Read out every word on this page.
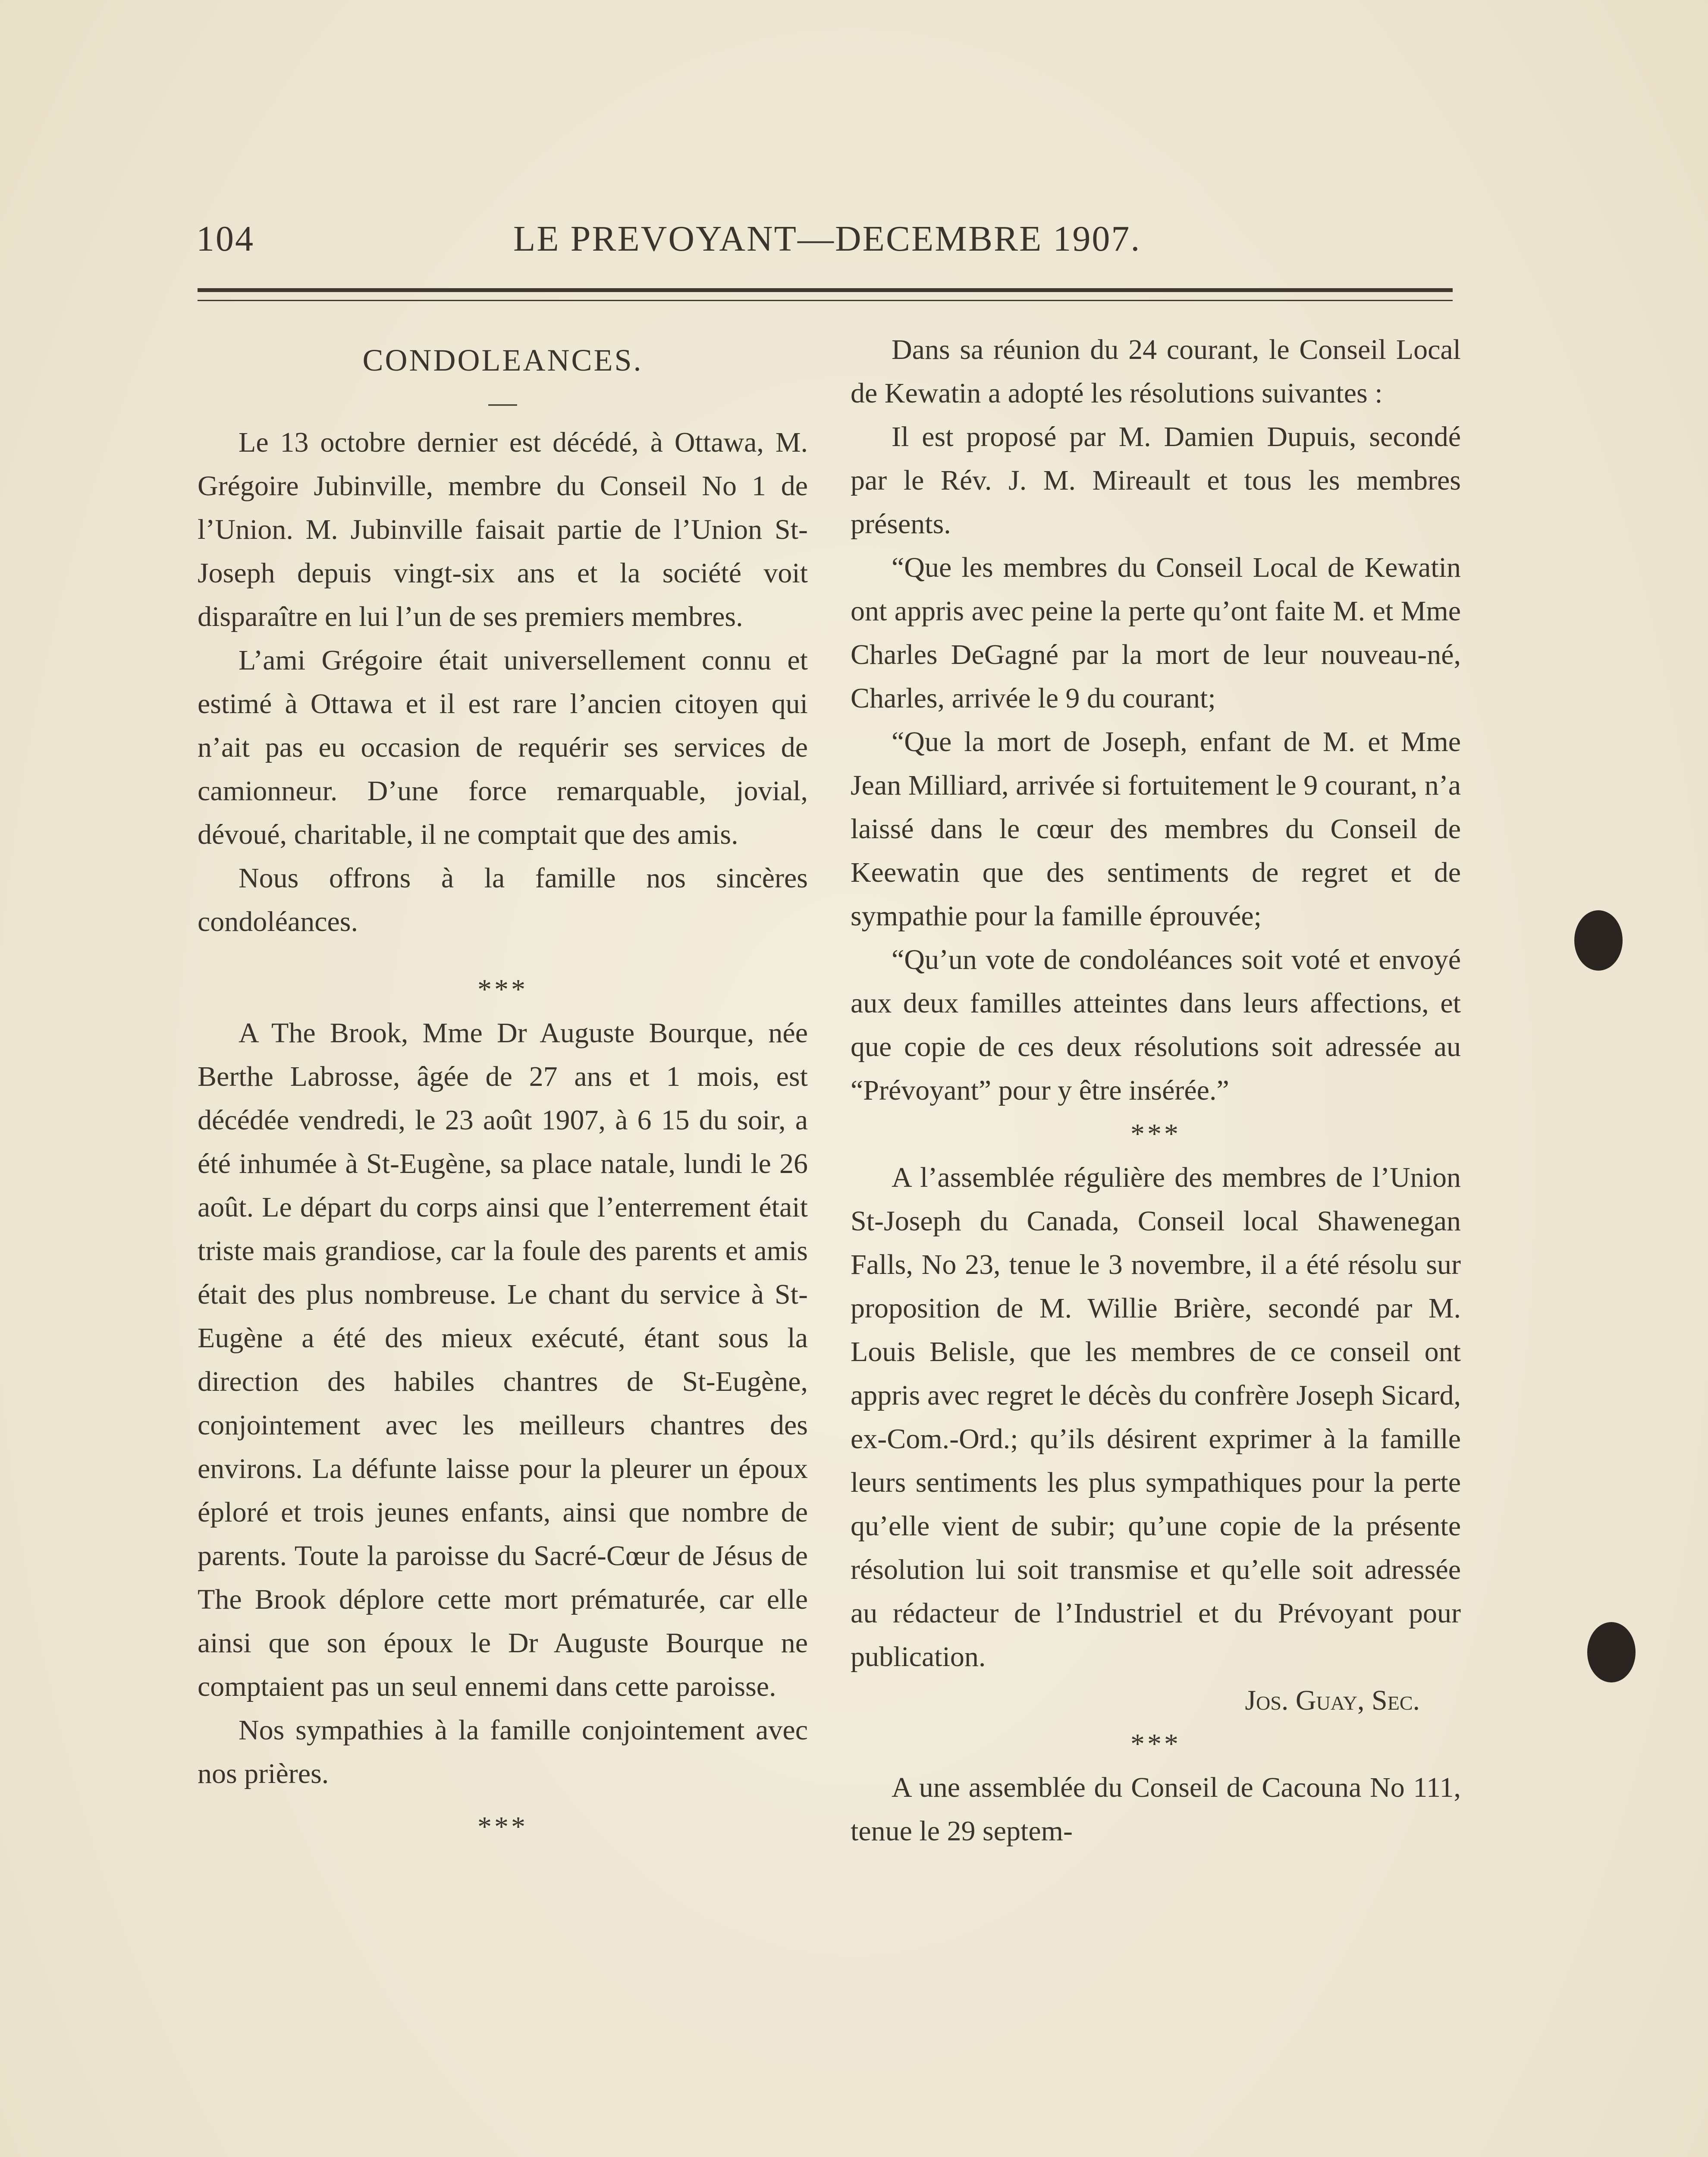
104	LE PREVOYANT—DECEMBRE 1907.
CONDOLEANCES.
—

Le 13 octobre dernier est décédé, à Ottawa, M. Grégoire Jubinville, membre du Conseil No 1 de l’Union. M. Jubinville faisait partie de l’Union St-Joseph depuis vingt-six ans et la société voit disparaître en lui l’un de ses premiers membres.

L’ami Grégoire était universellement connu et estimé à Ottawa et il est rare l’ancien citoyen qui n’ait pas eu occasion de requérir ses services de camionneur. D’une force remarquable, jovial, dévoué, charitable, il ne comptait que des amis.

Nous offrons à la famille nos sincères condoléances.

***

A The Brook, Mme Dr Auguste Bourque, née Berthe Labrosse, âgée de 27 ans et 1 mois, est décédée vendredi, le 23 août 1907, à 6 15 du soir, a été inhumée à St-Eugène, sa place natale, lundi le 26 août. Le départ du corps ainsi que l’enterrement était triste mais grandiose, car la foule des parents et amis était des plus nombreuse. Le chant du service à St-Eugène a été des mieux exécuté, étant sous la direction des habiles chantres de St-Eugène, conjointement avec les meilleurs chantres des environs. La défunte laisse pour la pleurer un époux éploré et trois jeunes enfants, ainsi que nombre de parents. Toute la paroisse du Sacré-Cœur de Jésus de The Brook déplore cette mort prématurée, car elle ainsi que son époux le Dr Auguste Bourque ne comptaient pas un seul ennemi dans cette paroisse.

Nos sympathies à la famille conjointement avec nos prières.

***

Dans sa réunion du 24 courant, le Conseil Local de Kewatin a adopté les résolutions suivantes :

Il est proposé par M. Damien Dupuis, secondé par le Rév. J. M. Mireault et tous les membres présents.

“Que les membres du Conseil Local de Kewatin ont appris avec peine la perte qu’ont faite M. et Mme Charles DeGagné par la mort de leur nouveau-né, Charles, arrivée le 9 du courant;

“Que la mort de Joseph, enfant de M. et Mme Jean Milliard, arrivée si fortuitement le 9 courant, n’a laissé dans le cœur des membres du Conseil de Keewatin que des sentiments de regret et de sympathie pour la famille éprouvée;

“Qu’un vote de condoléances soit voté et envoyé aux deux familles atteintes dans leurs affections, et que copie de ces deux résolutions soit adressée au “Prévoyant” pour y être insérée.”

***

A l’assemblée régulière des membres de l’Union St-Joseph du Canada, Conseil local Shawenegan Falls, No 23, tenue le 3 novembre, il a été résolu sur proposition de M. Willie Brière, secondé par M. Louis Belisle, que les membres de ce conseil ont appris avec regret le décès du confrère Joseph Sicard, ex-Com.-Ord.; qu’ils désirent exprimer à la famille leurs sentiments les plus sympathiques pour la perte qu’elle vient de subir; qu’une copie de la présente résolution lui soit transmise et qu’elle soit adressée au rédacteur de l’Industriel et du Prévoyant pour publication.

Jos. Guay, Sec.
***

A une assemblée du Conseil de Cacouna No 111, tenue le 29 septem-
